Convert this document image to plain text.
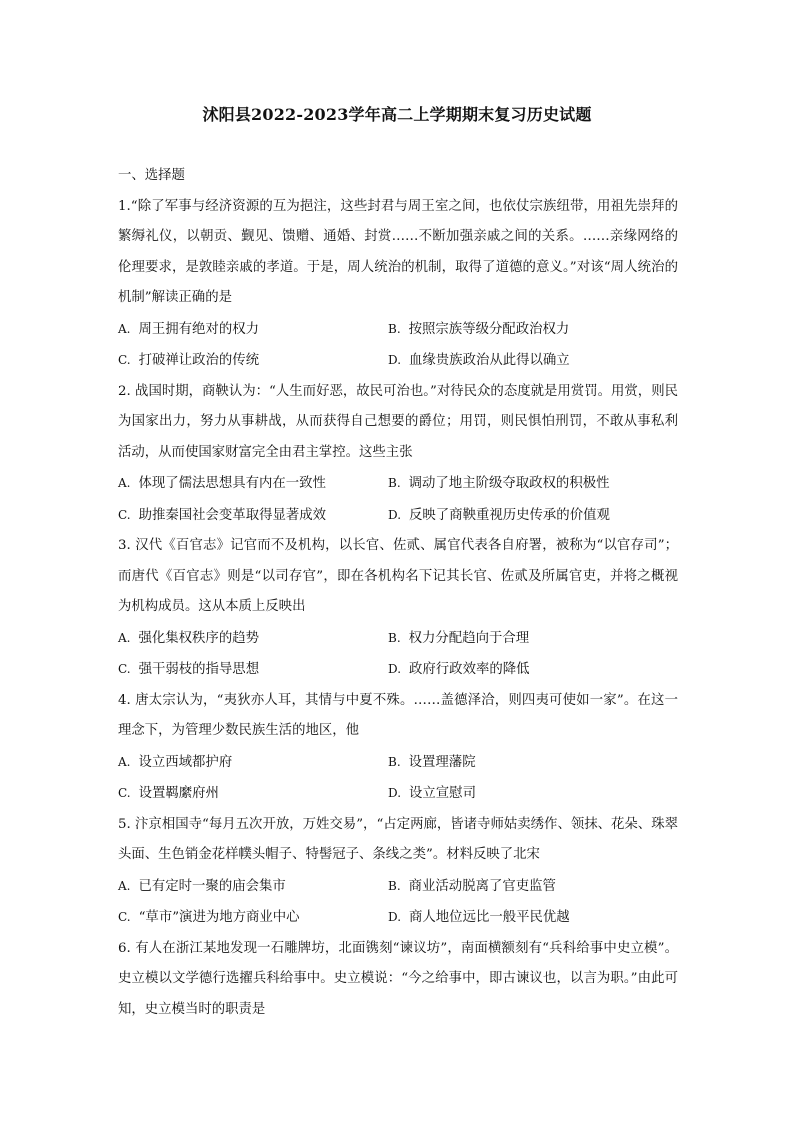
沭阳县2022-2023学年高二上学期期末复习历史试题

一、选择题

1.“除了军事与经济资源的互为挹注，这些封君与周王室之间，也依仗宗族纽带，用祖先崇拜的繁缛礼仪，以朝贡、觐见、馈赠、通婚、封赏……不断加强亲戚之间的关系。……亲缘网络的伦理要求，是敦睦亲戚的孝道。于是，周人统治的机制，取得了道德的意义。”对该“周人统治的机制”解读正确的是

A. 周王拥有绝对的权力	B. 按照宗族等级分配政治权力
C. 打破禅让政治的传统	D. 血缘贵族政治从此得以确立

2. 战国时期，商鞅认为：“人生而好恶，故民可治也。”对待民众的态度就是用赏罚。用赏，则民为国家出力，努力从事耕战，从而获得自己想要的爵位；用罚，则民惧怕刑罚，不敢从事私利活动，从而使国家财富完全由君主掌控。这些主张

A. 体现了儒法思想具有内在一致性	B. 调动了地主阶级夺取政权的积极性
C. 助推秦国社会变革取得显著成效	D. 反映了商鞅重视历史传承的价值观

3. 汉代《百官志》记官而不及机构，以长官、佐贰、属官代表各自府署，被称为“以官存司”；而唐代《百官志》则是“以司存官”，即在各机构名下记其长官、佐贰及所属官吏，并将之概视为机构成员。这从本质上反映出

A. 强化集权秩序的趋势	B. 权力分配趋向于合理
C. 强干弱枝的指导思想	D. 政府行政效率的降低

4. 唐太宗认为，“夷狄亦人耳，其情与中夏不殊。……盖德泽洽，则四夷可使如一家”。在这一理念下，为管理少数民族生活的地区，他

A. 设立西域都护府	B. 设置理藩院
C. 设置羁縻府州	D. 设立宣慰司

5. 汴京相国寺“每月五次开放，万姓交易”，“占定两廊，皆诸寺师姑卖绣作、领抹、花朵、珠翠头面、生色销金花样幞头帽子、特髻冠子、条线之类”。材料反映了北宋

A. 已有定时一聚的庙会集市	B. 商业活动脱离了官吏监管
C. “草市”演进为地方商业中心	D. 商人地位远比一般平民优越

6. 有人在浙江某地发现一石雕牌坊，北面镌刻“谏议坊”，南面横额刻有“兵科给事中史立模”。史立模以文学德行选擢兵科给事中。史立模说：“今之给事中，即古谏议也，以言为职。”由此可知，史立模当时的职责是
